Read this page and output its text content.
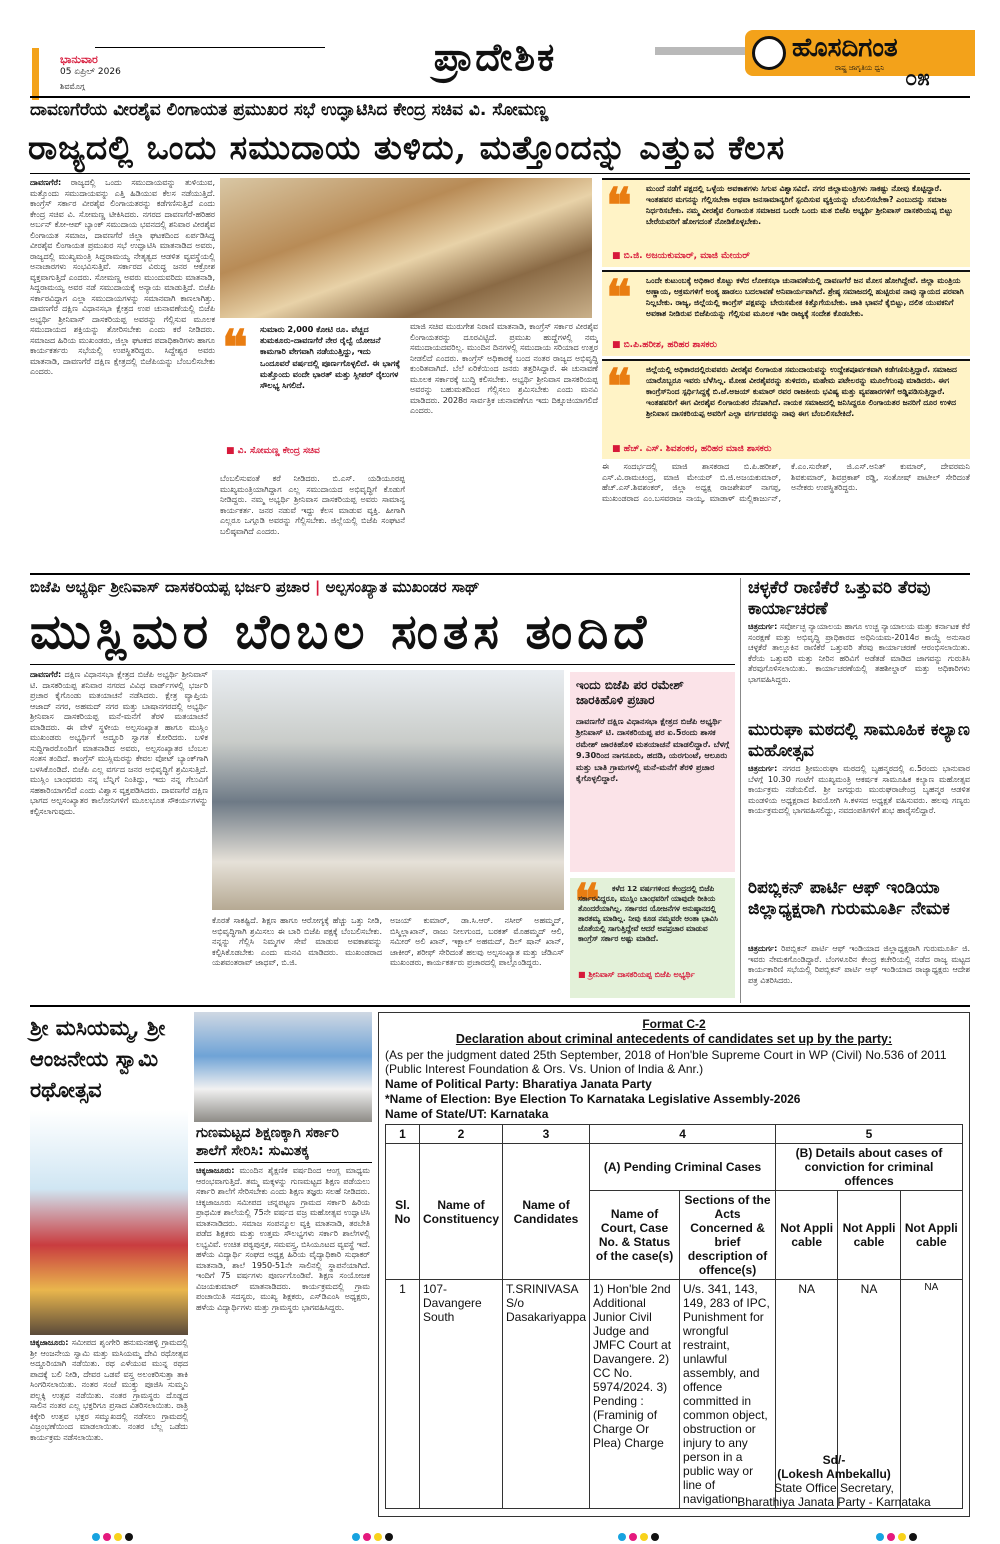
ಭಾನುವಾರ
05 ಏಪ್ರಿಲ್ 2026
ಶಿವಮೊಗ್ಗ
ಪ್ರಾದೇಶಿಕ	ಹೊಸದಿಗಂತ
ರಾಷ್ಟ್ರ ಜಾಗೃತಿಯ ಧ್ವನಿ ೦೫
ದಾವಣಗೆರೆಯ ವೀರಶೈವ ಲಿಂಗಾಯತ ಪ್ರಮುಖರ ಸಭೆ ಉದ್ಘಾಟಿಸಿದ ಕೇಂದ್ರ ಸಚಿವ ವಿ. ಸೋಮಣ್ಣ
ರಾಜ್ಯದಲ್ಲಿ ಒಂದು ಸಮುದಾಯ ತುಳಿದು, ಮತ್ತೊಂದನ್ನು ಎತ್ತುವ ಕೆಲಸ
ದಾವಣಗೆರೆ: ರಾಜ್ಯದಲ್ಲಿ ಒಂದು ಸಮುದಾಯವನ್ನು ತುಳಿಯುವ, ಮತ್ತೊಂದು ಸಮುದಾಯವನ್ನು ಎತ್ತಿ ಹಿಡಿಯುವ ಕೆಲಸ ನಡೆಯುತ್ತಿದೆ. ಕಾಂಗ್ರೆಸ್ ಸರ್ಕಾರ ವೀರಶೈವ ಲಿಂಗಾಯತರನ್ನು ಕಡೆಗಣಿಸುತ್ತಿದೆ ಎಂದು ಕೇಂದ್ರ ಸಚಿವ ವಿ. ಸೋಮಣ್ಣ ಟೀಕಿಸಿದರು. ನಗರದ ದಾವಣಗೆರೆ-ಹರಿಹರ ಅರ್ಬನ್ ಕೋ-ಆಪ್ ಬ್ಯಾಂಕ್ ಸಮುದಾಯ ಭವನದಲ್ಲಿ ಶನಿವಾರ ವೀರಶೈವ ಲಿಂಗಾಯತ ಸಮಾಜ, ದಾವಣಗೆರೆ ಜಿಲ್ಲಾ ಘಟಕದಿಂದ ಏರ್ಪಡಿಸಿದ್ದ ವೀರಶೈವ ಲಿಂಗಾಯತ ಪ್ರಮುಖರ ಸಭೆ ಉದ್ಘಾಟಿಸಿ ಮಾತನಾಡಿದ ಅವರು, ರಾಜ್ಯದಲ್ಲಿ ಮುಖ್ಯಮಂತ್ರಿ ಸಿದ್ದರಾಮಯ್ಯ ನೇತೃತ್ವದ ಆಡಳಿತ ವ್ಯವಸ್ಥೆಯಲ್ಲಿ ಅನಾಚಾರಗಳು ಸಂಭವಿಸುತ್ತಿವೆ. ಸರ್ಕಾರದ ವಿರುದ್ಧ ಜನರ ಆಕ್ರೋಶ ವ್ಯಕ್ತವಾಗುತ್ತಿದೆ ಎಂದರು. ಸೋಮಣ್ಣ ಅವರು ಮುಂದುವರಿದು ಮಾತನಾಡಿ, ಸಿದ್ದರಾಮಯ್ಯ ಅವರ ನಡೆ ಸಮುದಾಯಕ್ಕೆ ಅನ್ಯಾಯ ಮಾಡುತ್ತಿದೆ. ಬಿಜೆಪಿ ಸರ್ಕಾರವಿದ್ದಾಗ ಎಲ್ಲಾ ಸಮುದಾಯಗಳನ್ನು ಸಮಾನವಾಗಿ ಕಾಣಲಾಗಿತ್ತು. ದಾವಣಗೆರೆ ದಕ್ಷಿಣ ವಿಧಾನಸಭಾ ಕ್ಷೇತ್ರದ ಉಪ ಚುನಾವಣೆಯಲ್ಲಿ ಬಿಜೆಪಿ ಅಭ್ಯರ್ಥಿ ಶ್ರೀನಿವಾಸ್ ದಾಸಕರಿಯಪ್ಪ ಅವರನ್ನು ಗೆಲ್ಲಿಸುವ ಮೂಲಕ ಸಮುದಾಯದ ಶಕ್ತಿಯನ್ನು ತೋರಿಸಬೇಕು ಎಂದು ಕರೆ ನೀಡಿದರು. ಸಮಾಜದ ಹಿರಿಯ ಮುಖಂಡರು, ಜಿಲ್ಲಾ ಘಟಕದ ಪದಾಧಿಕಾರಿಗಳು ಹಾಗೂ ಕಾರ್ಯಕರ್ತರು ಸಭೆಯಲ್ಲಿ ಉಪಸ್ಥಿತರಿದ್ದರು. ಸಿದ್ದೇಶ್ವರ ಅವರು ಮಾತನಾಡಿ, ದಾವಣಗೆರೆ ದಕ್ಷಿಣ ಕ್ಷೇತ್ರದಲ್ಲಿ ಬಿಜೆಪಿಯನ್ನು ಬೆಂಬಲಿಸಬೇಕು ಎಂದರು.	❝ ಸುಮಾರು 2,000 ಕೋಟಿ ರೂ. ವೆಚ್ಚದ ತುಮಕೂರು-ದಾವಣಗೆರೆ ನೇರ ರೈಲ್ವೆ ಯೋಜನೆ ಕಾಮಗಾರಿ ವೇಗವಾಗಿ ನಡೆಯುತ್ತಿದ್ದು, ಇದು ಒಂದೂವರೆ ವರ್ಷದಲ್ಲಿ ಪೂರ್ಣಗೊಳ್ಳಲಿದೆ. ಈ ಭಾಗಕ್ಕೆ ಮತ್ತೊಂದು ವಂದೇ ಭಾರತ್ ಮತ್ತು ಸ್ಲೀಪರ್ ರೈಲುಗಳ ಸೌಲಭ್ಯ ಸಿಗಲಿದೆ.
■ ವಿ. ಸೋಮಣ್ಣ ಕೇಂದ್ರ ಸಚಿವ
ಬೆಂಬಲಿಸುವಂತೆ ಕರೆ ನೀಡಿದರು. ಬಿ.ಎಸ್. ಯಡಿಯೂರಪ್ಪ ಮುಖ್ಯಮಂತ್ರಿಯಾಗಿದ್ದಾಗ ಎಲ್ಲ ಸಮುದಾಯದ ಅಭಿವೃದ್ಧಿಗೆ ಕೊಡುಗೆ ನೀಡಿದ್ದರು. ನಮ್ಮ ಅಭ್ಯರ್ಥಿ ಶ್ರೀನಿವಾಸ ದಾಸಕರಿಯಪ್ಪ ಅವರು ಸಾಮಾನ್ಯ ಕಾರ್ಯಕರ್ತ. ಜನರ ನಡುವೆ ಇದ್ದು ಕೆಲಸ ಮಾಡುವ ವ್ಯಕ್ತಿ. ಹೀಗಾಗಿ ಎಲ್ಲರೂ ಒಗ್ಗೂಡಿ ಅವರನ್ನು ಗೆಲ್ಲಿಸಬೇಕು. ಜಿಲ್ಲೆಯಲ್ಲಿ ಬಿಜೆಪಿ ಸಂಘಟನೆ ಬಲಿಷ್ಠವಾಗಿದೆ ಎಂದರು.
ಮಾಜಿ ಸಚಿವ ಮುರುಗೇಶ ನಿರಾಣಿ ಮಾತನಾಡಿ, ಕಾಂಗ್ರೆಸ್ ಸರ್ಕಾರ ವೀರಶೈವ ಲಿಂಗಾಯತರನ್ನು ದೂರವಿಟ್ಟಿದೆ. ಪ್ರಮುಖ ಹುದ್ದೆಗಳಲ್ಲಿ ನಮ್ಮ ಸಮುದಾಯದವರಿಲ್ಲ. ಮುಂದಿನ ದಿನಗಳಲ್ಲಿ ಸಮುದಾಯ ಸರಿಯಾದ ಉತ್ತರ ನೀಡಲಿದೆ ಎಂದರು. ಕಾಂಗ್ರೆಸ್ ಅಧಿಕಾರಕ್ಕೆ ಬಂದ ನಂತರ ರಾಜ್ಯದ ಅಭಿವೃದ್ಧಿ ಕುಂಠಿತವಾಗಿದೆ. ಬೆಲೆ ಏರಿಕೆಯಿಂದ ಜನರು ತತ್ತರಿಸಿದ್ದಾರೆ. ಈ ಚುನಾವಣೆ ಮೂಲಕ ಸರ್ಕಾರಕ್ಕೆ ಬುದ್ಧಿ ಕಲಿಸಬೇಕು. ಅಭ್ಯರ್ಥಿ ಶ್ರೀನಿವಾಸ ದಾಸಕರಿಯಪ್ಪ ಅವರನ್ನು ಬಹುಮತದಿಂದ ಗೆಲ್ಲಿಸಲು ಶ್ರಮಿಸಬೇಕು ಎಂದು ಮನವಿ ಮಾಡಿದರು. 2028ರ ಸಾರ್ವತ್ರಿಕ ಚುನಾವಣೆಗೂ ಇದು ದಿಕ್ಸೂಚಿಯಾಗಲಿದೆ ಎಂದರು.
❝ ಮುಂದೆ ನಡೆಗೆ ಪಕ್ಷದಲ್ಲಿ ಒಳ್ಳೆಯ ಅವಕಾಶಗಳು ಸಿಗುವ ವಿಶ್ವಾಸವಿದೆ. ನಗರ ಜಿಲ್ಲಾಮಂತ್ರಿಗಳು ಸಾಕಷ್ಟು ನೋವು ಕೊಟ್ಟಿದ್ದಾರೆ. ಇಂತಹವರ ಮಗನನ್ನು ಗೆಲ್ಲಿಸಬೇಕಾ ಅಥವಾ ಜನಸಾಮಾನ್ಯರಿಗೆ ಸ್ಪಂದಿಸುವ ವ್ಯಕ್ತಿಯನ್ನು ಬೆಂಬಲಿಸಬೇಕಾ? ಎಂಬುದನ್ನು ಸಮಾಜ ನಿರ್ಧರಿಸಬೇಕು. ನಮ್ಮ ವೀರಶೈವ ಲಿಂಗಾಯತ ಸಮಾಜದ ಒಂದೇ ಒಂದು ಮತ ಬಿಜೆಪಿ ಅಭ್ಯರ್ಥಿ ಶ್ರೀನಿವಾಸ್ ದಾಸಕರಿಯಪ್ಪ ಬಿಟ್ಟು ಬೇರೆಯವರಿಗೆ ಹೋಗದಂತೆ ನೋಡಿಕೊಳ್ಳಬೇಕು.
■ ಬಿ.ಜಿ. ಅಜಯಕುಮಾರ್, ಮಾಜಿ ಮೇಯರ್
❝ ಒಂದೇ ಕುಟುಂಬಕ್ಕೆ ಅಧಿಕಾರ ಕೊಟ್ಟು ಕಳೆದ ಲೋಕಸಭಾ ಚುನಾವಣೆಯಲ್ಲಿ ದಾವಣಗೆರೆ ಜನ ಮೋಸ ಹೋಗಿದ್ದೇವೆ. ಜಿಲ್ಲಾ ಮಂತ್ರಿಯ ಅಣ್ಣಾಯ, ಅಕ್ರಮಗಳಿಗೆ ಅಂತ್ಯ ಹಾಡಲು ಬದಲಾವಣೆ ಅನಿವಾರ್ಯವಾಗಿದೆ. ಶ್ರೇಷ್ಠ ಸಮಾಜದಲ್ಲಿ ಹುಟ್ಟಿರುವ ನಾವು ನ್ಯಾಯದ ಪರವಾಗಿ ನಿಲ್ಲಬೇಕು. ರಾಜ್ಯ, ಜಿಲ್ಲೆಯಲ್ಲಿ ಕಾಂಗ್ರೆಸ್ ಪಕ್ಷವನ್ನು ಬೇರುಸಮೇತ ಕಿತ್ತೊಗೆಯಬೇಕು. ಜಾತಿ ಭಾವನೆ ಕೈಬಿಟ್ಟು, ದಲಿತ ಯುವಕನಿಗೆ ಅವಕಾಶ ನೀಡಿರುವ ಬಿಜೆಪಿಯನ್ನು ಗೆಲ್ಲಿಸುವ ಮೂಲಕ ಇಡೀ ರಾಜ್ಯಕ್ಕೆ ಸಂದೇಶ ಕೊಡಬೇಕು.
■ ಬಿ.ಪಿ.ಹರೀಶ, ಹರಿಹರ ಶಾಸಕರು
❝ ಜಿಲ್ಲೆಯಲ್ಲಿ ಅಧಿಕಾರದಲ್ಲಿರುವವರು ವೀರಶೈವ ಲಿಂಗಾಯತ ಸಮುದಾಯವನ್ನು ಉದ್ದೇಶಪೂರ್ವಕವಾಗಿ ಕಡೆಗಣಿಸುತ್ತಿದ್ದಾರೆ. ಸಮಾಜದ ಯಾರೊಬ್ಬರೂ ಇವರು ಬೆಳೆಸಿಲ್ಲ. ಮೋಹ ವೀರಶೈವರನ್ನು ತುಳಿದರು, ಮಹೇಮ ಪಟೇಲರನ್ನು ಮೂಲೆಗುಂಪು ಮಾಡಿದರು. ಈಗ ಕಾಂಗ್ರೆಸ್‌ನಿಂದ ಸ್ಪರ್ಧಿಸಿದ್ದಕ್ಕೆ ಬಿ.ಜೆ.ಅಜಯ್ ಕುಮಾರ್ ರವರ ರಾಜಕೀಯ ಭವಿಷ್ಯ ಮತ್ತು ವ್ಯವಹಾರಗಳಿಗೆ ಅಡ್ಡಿಪಡಿಸುತ್ತಿದ್ದಾರೆ. ಇಂತಹವರಿಗೆ ಈಗ ವೀರಶೈವ ಲಿಂಗಾಯತರ ನೆನಪಾಗಿದೆ. ನಾಯಕ ಸಮಾಜದಲ್ಲಿ ಜನಿಸಿದ್ದರೂ ಲಿಂಗಾಯತರ ಜನರಿಗೆ ದೂರ ಉಳಿದ ಶ್ರೀನಿವಾಸ ದಾಸಕರಿಯಪ್ಪ ಅವರಿಗೆ ಎಲ್ಲಾ ವರ್ಗದವರನ್ನು ನಾವು ಈಗ ಬೆಂಬಲಿಸಬೇಕಿದೆ.
■ ಹೆಚ್. ಎಸ್. ಶಿವಶಂಕರ, ಹರಿಹರ ಮಾಜಿ ಶಾಸಕರು
ಈ ಸಂದರ್ಭದಲ್ಲಿ ಮಾಜಿ ಶಾಸಕರಾದ ಬಿ.ಪಿ.ಹರೀಶ್, ಎಸ್.ವಿ.ರಾಮಚಂದ್ರ, ಮಾಜಿ ಮೇಯರ್ ಬಿ.ಜಿ.ಅಜಯಕುಮಾರ್, ಹೆಚ್.ಎಸ್.ಶಿವಶಂಕರ್, ಜಿಲ್ಲಾ ಅಧ್ಯಕ್ಷ ರಾಜಶೇಖರ್ ನಾಗಪ್ಪ, ಮುಖಂಡರಾದ ಎಂ.ಬಸವರಾಜ ನಾಯ್ಕ, ಮಾಡಾಳ್ ಮಲ್ಲಿಕಾರ್ಜುನ್, ಕೆ.ಎಂ.ಸುರೇಶ್, ಜಿ.ಎಸ್.ಅನಿತ್ ಕುಮಾರ್, ದೇವರಮನಿ ಶಿವಕುಮಾರ್, ಶಿವಪ್ರಕಾಶ್ ರಡ್ಡಿ, ಸಂತೋಷ್ ಪಾಟೀಲ್ ಸೇರಿದಂತೆ ಅನೇಕರು ಉಪಸ್ಥಿತರಿದ್ದರು.
ಬಿಜೆಪಿ ಅಭ್ಯರ್ಥಿ ಶ್ರೀನಿವಾಸ್ ದಾಸಕರಿಯಪ್ಪ ಭರ್ಜರಿ ಪ್ರಚಾರ | ಅಲ್ಪಸಂಖ್ಯಾತ ಮುಖಂಡರ ಸಾಥ್
ಮುಸ್ಲಿಮರ ಬೆಂಬಲ ಸಂತಸ ತಂದಿದೆ
ದಾವಣಗೆರೆ: ದಕ್ಷಿಣ ವಿಧಾನಸಭಾ ಕ್ಷೇತ್ರದ ಬಿಜೆಪಿ ಅಭ್ಯರ್ಥಿ ಶ್ರೀನಿವಾಸ್ ಟಿ. ದಾಸಕರಿಯಪ್ಪ ಶನಿವಾರ ನಗರದ ವಿವಿಧ ವಾರ್ಡ್‌ಗಳಲ್ಲಿ ಭರ್ಜರಿ ಪ್ರಚಾರ ಕೈಗೊಂಡು ಮತಯಾಚನೆ ನಡೆಸಿದರು. ಕ್ಷೇತ್ರ ವ್ಯಾಪ್ತಿಯ ಆಜಾದ್ ನಗರ, ಅಹಮದ್ ನಗರ ಮತ್ತು ಬಾಷಾನಗರದಲ್ಲಿ ಅಭ್ಯರ್ಥಿ ಶ್ರೀನಿವಾಸ ದಾಸಕರಿಯಪ್ಪ ಮನೆ-ಮನೆಗೆ ತೆರಳಿ ಮತಯಾಚನೆ ಮಾಡಿದರು. ಈ ವೇಳೆ ಸ್ಥಳೀಯ ಅಲ್ಪಸಂಖ್ಯಾತ ಹಾಗೂ ಮುಸ್ಲಿಂ ಮುಖಂಡರು ಅಭ್ಯರ್ಥಿಗೆ ಅದ್ಧೂರಿ ಸ್ವಾಗತ ಕೋರಿದರು. ಬಳಿಕ ಸುದ್ದಿಗಾರರೊಂದಿಗೆ ಮಾತನಾಡಿದ ಅವರು, ಅಲ್ಪಸಂಖ್ಯಾತರ ಬೆಂಬಲ ಸಂತಸ ತಂದಿದೆ. ಕಾಂಗ್ರೆಸ್ ಮುಸ್ಲಿಮರನ್ನು ಕೇವಲ ವೋಟ್ ಬ್ಯಾಂಕ್‌ಗಾಗಿ ಬಳಸಿಕೊಂಡಿದೆ. ಬಿಜೆಪಿ ಎಲ್ಲ ವರ್ಗದ ಜನರ ಅಭಿವೃದ್ಧಿಗೆ ಶ್ರಮಿಸುತ್ತಿದೆ. ಮುಸ್ಲಿಂ ಬಾಂಧವರು ನನ್ನ ಬೆನ್ನಿಗೆ ನಿಂತಿದ್ದು, ಇದು ನನ್ನ ಗೆಲುವಿಗೆ ಸಹಕಾರಿಯಾಗಲಿದೆ ಎಂದು ವಿಶ್ವಾಸ ವ್ಯಕ್ತಪಡಿಸಿದರು. ದಾವಣಗೆರೆ ದಕ್ಷಿಣ ಭಾಗದ ಅಲ್ಪಸಂಖ್ಯಾತರ ಕಾಲೋನಿಗಳಿಗೆ ಮೂಲಭೂತ ಸೌಕರ್ಯಗಳನ್ನು ಕಲ್ಪಿಸಲಾಗುವುದು.
ಕೊರತೆ ಸಾಕಷ್ಟಿದೆ. ಶಿಕ್ಷಣ ಹಾಗೂ ಆರೋಗ್ಯಕ್ಕೆ ಹೆಚ್ಚು ಒತ್ತು ನೀಡಿ, ಅಭಿವೃದ್ಧಿಗಾಗಿ ಶ್ರಮಿಸಲು ಈ ಬಾರಿ ಬಿಜೆಪಿ ಪಕ್ಷಕ್ಕೆ ಬೆಂಬಲಿಸಬೇಕು. ನನ್ನನ್ನು ಗೆಲ್ಲಿಸಿ ನಿಮ್ಮಗಳ ಸೇವೆ ಮಾಡುವ ಅವಕಾಶವನ್ನು ಕಲ್ಪಿಸಿಕೊಡಬೇಕು ಎಂದು ಮನವಿ ಮಾಡಿದರು. ಮುಖಂಡರಾದ ಯಶವಂತರಾವ್ ಜಾಧವ್, ಬಿ.ಜಿ.
ಅಜಯ್ ಕುಮಾರ್, ಡಾ.ಸಿ.ಆರ್. ನಸೀರ್ ಅಹಮ್ಮದ್, ಬಿಸ್ಮಿಲ್ಲಾಖಾನ್, ರಾಜು ನೀಲಗುಂದ, ಬರಕತ್ ಮೊಹಮ್ಮದ್ ಆಲಿ, ಸಮೀರ್ ಅಲಿ ಖಾನ್, ಇಕ್ಬಾಲ್ ಅಹಮದ್, ದಿಲ್ ಷಾನ್ ಖಾನ್, ಜಾಕೀರ್, ಶರೀಫ್ ಸೇರಿದಂತೆ ಹಲವು ಅಲ್ಪಸಂಖ್ಯಾತ ಮತ್ತು ಜೆಡಿಎಸ್ ಮುಖಂಡರು, ಕಾರ್ಯಕರ್ತರು ಪ್ರಚಾರದಲ್ಲಿ ಪಾಲ್ಗೊಂಡಿದ್ದರು.
ಇಂದು ಬಿಜೆಪಿ ಪರ ರಮೇಶ್ ಜಾರಕಿಹೊಳಿ ಪ್ರಚಾರ
ದಾವಣಗೆರೆ ದಕ್ಷಿಣ ವಿಧಾನಸಭಾ ಕ್ಷೇತ್ರದ ಬಿಜೆಪಿ ಅಭ್ಯರ್ಥಿ ಶ್ರೀನಿವಾಸ್ ಟಿ. ದಾಸಕರಿಯಪ್ಪ ಪರ ಏ.5ರಂದು ಶಾಸಕ ರಮೇಶ್ ಜಾರಕಿಹೊಳಿ ಮತಯಾಚನೆ ಮಾಡಲಿದ್ದಾರೆ. ಬೆಳಗ್ಗೆ 9.30ರಿಂದ ನಾಗನೂರು, ಹದಡಿ, ಯರಗುಂಟೆ, ಆಲೂರು ಮತ್ತು ಬಾತಿ ಗ್ರಾಮಗಳಲ್ಲಿ ಮನೆ-ಮನೆಗೆ ತೆರಳಿ ಪ್ರಚಾರ ಕೈಗೊಳ್ಳಲಿದ್ದಾರೆ.
❝	ಕಳೆದ 12 ವರ್ಷಗಳಿಂದ ಕೇಂದ್ರದಲ್ಲಿ ಬಿಜೆಪಿ ಸರ್ಕಾರವಿದ್ದರೂ, ಮುಸ್ಲಿಂ ಬಾಂಧವರಿಗೆ ಯಾವುದೇ ರೀತಿಯ ತೊಂದರೆಯಾಗಿಲ್ಲ. ಸರ್ಕಾರದ ಯೋಜನೆಗಳ ಅನುಷ್ಠಾನದಲ್ಲಿ ತಾರತಮ್ಯ ಮಾಡಿಲ್ಲ. ನೀವು ಕೂಡ ನಮ್ಮವರೇ ಅಂತಾ ಭಾವಿಸಿ ಜೊತೆಯಲ್ಲಿ ಸಾಗುತ್ತಿದ್ದೇವೆ ಆದರೆ ಅಪಪ್ರಚಾರ ಮಾಡುವ ಕಾಂಗ್ರೆಸ್ ಸರ್ಕಾರ ಅಷ್ಟು ಮಾಡಿದೆ.
■ ಶ್ರೀನಿವಾಸ್ ದಾಸಕರಿಯಪ್ಪ ಬಿಜೆಪಿ ಅಭ್ಯರ್ಥಿ
ಚಳ್ಳಕೆರೆ ರಾಣಿಕೆರೆ ಒತ್ತುವರಿ ತೆರವು ಕಾರ್ಯಾಚರಣೆ
ಚಿತ್ರದುರ್ಗ: ಸರ್ವೋಚ್ಛ ನ್ಯಾಯಾಲಯ ಹಾಗೂ ಉಚ್ಚ ನ್ಯಾಯಾಲಯ ಮತ್ತು ಕರ್ನಾಟಕ ಕೆರೆ ಸಂರಕ್ಷಣೆ ಮತ್ತು ಅಭಿವೃದ್ಧಿ ಪ್ರಾಧಿಕಾರದ ಅಧಿನಿಯಮ-2014ರ ಕಾಯ್ದೆ ಅನುಸಾರ ಚಳ್ಳಕೆರೆ ತಾಲ್ಲೂಕಿನ ರಾಣಿಕೆರೆ ಒತ್ತುವರಿ ತೆರವು ಕಾರ್ಯಾಚರಣೆ ಆರಂಭಿಸಲಾಯಿತು. ಕೆರೆಯ ಒತ್ತುವರಿ ಮತ್ತು ನೀರಿನ ಹರಿವಿಗೆ ಅಡೆತಡೆ ಮಾಡಿದ ಜಾಗವನ್ನು ಗುರುತಿಸಿ ತೆರವುಗೊಳಿಸಲಾಯಿತು. ಕಾರ್ಯಾಚರಣೆಯಲ್ಲಿ ತಹಶೀಲ್ದಾರ್ ಮತ್ತು ಅಧಿಕಾರಿಗಳು ಭಾಗವಹಿಸಿದ್ದರು.
ಮುರುಘಾ ಮಠದಲ್ಲಿ ಸಾಮೂಹಿಕ ಕಲ್ಯಾಣ ಮಹೋತ್ಸವ
ಚಿತ್ರದುರ್ಗ: ನಗರದ ಶ್ರೀಮುರುಘಾ ಮಠದಲ್ಲಿ ಬೃಹನ್ಮಠದಲ್ಲಿ ಏ.5ರಂದು ಭಾನುವಾರ ಬೆಳಗ್ಗೆ 10.30 ಗಂಟೆಗೆ ಮುಖ್ಯಮಂತ್ರಿ ಆಕರ್ಷಕ ಸಾಮೂಹಿಕ ಕಲ್ಯಾಣ ಮಹೋತ್ಸವ ಕಾರ್ಯಕ್ರಮ ನಡೆಯಲಿದೆ. ಶ್ರೀ ಜಗದ್ಗುರು ಮುರುಘರಾಜೇಂದ್ರ ಬೃಹನ್ಮಠ ಆಡಳಿತ ಮಂಡಳಿಯ ಅಧ್ಯಕ್ಷರಾದ ಶಿವಯೋಗಿ ಸಿ.ಕಳಸದ ಅಧ್ಯಕ್ಷತೆ ವಹಿಸುವರು. ಹಲವು ಗಣ್ಯರು ಕಾರ್ಯಕ್ರಮದಲ್ಲಿ ಭಾಗವಹಿಸಲಿದ್ದು, ನವದಂಪತಿಗಳಿಗೆ ಶುಭ ಹಾರೈಸಲಿದ್ದಾರೆ.
ರಿಪಬ್ಲಿಕನ್ ಪಾರ್ಟಿ ಆಫ್ ಇಂಡಿಯಾ ಜಿಲ್ಲಾಧ್ಯಕ್ಷರಾಗಿ ಗುರುಮೂರ್ತಿ ನೇಮಕ
ಚಿತ್ರದುರ್ಗ: ರಿಪಬ್ಲಿಕನ್ ಪಾರ್ಟಿ ಆಫ್ ಇಂಡಿಯಾದ ಜಿಲ್ಲಾಧ್ಯಕ್ಷರಾಗಿ ಗುರುಮೂರ್ತಿ ಜಿ. ಇವರು ನೇಮಕಗೊಂಡಿದ್ದಾರೆ. ಬೆಂಗಳೂರಿನ ಕೇಂದ್ರ ಕಚೇರಿಯಲ್ಲಿ ನಡೆದ ರಾಜ್ಯ ಮಟ್ಟದ ಕಾರ್ಯಕಾರಿಣಿ ಸಭೆಯಲ್ಲಿ ರಿಪಬ್ಲಿಕನ್ ಪಾರ್ಟಿ ಆಫ್ ಇಂಡಿಯಾದ ರಾಜ್ಯಾಧ್ಯಕ್ಷರು ಆದೇಶ ಪತ್ರ ವಿತರಿಸಿದರು.
ಶ್ರೀ ಮಸಿಯಮ್ಮ, ಶ್ರೀ ಆಂಜನೇಯ ಸ್ವಾಮಿ ರಥೋತ್ಸವ
ಚಿಕ್ಕಜಾಜೂರು: ಸಮೀಪದ ಶೃಂಗೇರಿ ಹನುಮನಹಳ್ಳಿ ಗ್ರಾಮದಲ್ಲಿ ಶ್ರೀ ಆಂಜನೇಯ ಸ್ವಾಮಿ ಮತ್ತು ಮಸಿಯಮ್ಮ ದೇವಿ ರಥೋತ್ಸವ ಅದ್ದೂರಿಯಾಗಿ ನಡೆಯಿತು. ರಥ ಎಳೆಯುವ ಮುನ್ನ ರಥದ ಪಾದಕ್ಕೆ ಬಲಿ ನೀಡಿ, ದೇವರ ಒಡವೆ ವಸ್ತ್ರ ಅಲಂಕರಿಸುತ್ತಾ ತಾಕಿ ಸಿಂಗರಿಸಲಾಯಿತು. ನಂತರ ಸಂಜೆ ಮುಕ್ತ್ತು ಪೂಜಿಸಿ ಸುಮ್ಮನಿ ಪಲ್ಲಕ್ಕಿ ಉತ್ಸವ ನಡೆಯಿತು. ನಂತರ ಗ್ರಾಮಸ್ಥರು ದೊಡ್ಡದ ಸಾಲಿನ ನಂತರ ಎಲ್ಲ ಭಕ್ತರಿಗೂ ಪ್ರಸಾದ ವಿತರಿಸಲಾಯಿತು. ರಾತ್ರಿ ಕಿಕ್ಕೇರಿ ಉತ್ತವ ಭಕ್ತರ ಸಮ್ಮುಖದಲ್ಲಿ ನಡೆಸಲು ಗ್ರಾಮದಲ್ಲಿ ವಿಜ್ರಂಭಣೆಯಿಂದ ಮಾಡಲಾಯಿತು. ನಂತರ ಬೆಲ್ಲ ಒಡೆದು ಕಾರ್ಯಕ್ರಮ ನಡೆಸಲಾಯಿತು.
ಗುಣಮಟ್ಟದ ಶಿಕ್ಷಣಕ್ಕಾಗಿ ಸರ್ಕಾರಿ ಶಾಲೆಗೆ ಸೇರಿಸಿ: ಸುಮಿತಕ್ಕ
ಚಿಕ್ಕಜಾಜೂರು: ಮುಂದಿನ ಶೈಕ್ಷಣಿಕ ವರ್ಷದಿಂದ ಆಂಗ್ಲ ಮಾಧ್ಯಮ ಆರಂಭವಾಗುತ್ತಿದೆ. ತಮ್ಮ ಮಕ್ಕಳನ್ನು ಗುಣಮಟ್ಟದ ಶಿಕ್ಷಣ ಪಡೆಯಲು ಸರ್ಕಾರಿ ಶಾಲೆಗೆ ಸೇರಿಸಬೇಕು ಎಂದು ಶಿಕ್ಷಣ ತಜ್ಞರು ಸಲಹೆ ನೀಡಿದರು. ಚಿಕ್ಕಜಾಜೂರು ಸಮೀಪದ ಚನ್ನಪಟ್ಟಣ ಗ್ರಾಮದ ಸರ್ಕಾರಿ ಹಿರಿಯ ಪ್ರಾಥಮಿಕ ಶಾಲೆಯಲ್ಲಿ 75ನೇ ವರ್ಷದ ವಜ್ರ ಮಹೋತ್ಸವ ಉದ್ಘಾಟಿಸಿ ಮಾತನಾಡಿದರು. ಸಮಾಜ ಸಂಪನ್ಮೂಲ ವ್ಯಕ್ತಿ ಮಾತನಾಡಿ, ತರಬೇತಿ ಪಡೆದ ಶಿಕ್ಷಕರು ಮತ್ತು ಉತ್ತಮ ಸೌಲಭ್ಯಗಳು ಸರ್ಕಾರಿ ಶಾಲೆಗಳಲ್ಲಿ ಲಭ್ಯವಿವೆ. ಉಚಿತ ಪಠ್ಯಪುಸ್ತಕ, ಸಮವಸ್ತ್ರ, ಬಿಸಿಯೂಟದ ವ್ಯವಸ್ಥೆ ಇದೆ. ಹಳೆಯ ವಿದ್ಯಾರ್ಥಿ ಸಂಘದ ಅಧ್ಯಕ್ಷ ಹಿರಿಯ ವೈದ್ಯಾಧಿಕಾರಿ ಸುಧಾಕರ್ ಮಾತನಾಡಿ, ಶಾಲೆ 1950-51ನೇ ಸಾಲಿನಲ್ಲಿ ಸ್ಥಾಪನೆಯಾಗಿದೆ. ಇಂದಿಗೆ 75 ವರ್ಷಗಳು ಪೂರ್ಣಗೊಂಡಿವೆ. ಶಿಕ್ಷಣ ಸಂಯೋಜಕ ವಿಜಯಕುಮಾರ್ ಮಾತನಾಡಿದರು. ಕಾರ್ಯಕ್ರಮದಲ್ಲಿ ಗ್ರಾಮ ಪಂಚಾಯಿತಿ ಸದಸ್ಯರು, ಮುಖ್ಯ ಶಿಕ್ಷಕರು, ಎಸ್‌ಡಿಎಂಸಿ ಅಧ್ಯಕ್ಷರು, ಹಳೆಯ ವಿದ್ಯಾರ್ಥಿಗಳು ಮತ್ತು ಗ್ರಾಮಸ್ಥರು ಭಾಗವಹಿಸಿದ್ದರು.
Format C-2
Declaration about criminal antecedents of candidates set up by the party:
(As per the judgment dated 25th September, 2018 of Hon'ble Supreme Court in WP (Civil) No.536 of 2011 (Public Interest Foundation & Ors. Vs. Union of India & Anr.)
Name of Political Party: Bharatiya Janata Party
*Name of Election: Bye Election To Karnataka Legislative Assembly-2026
Name of State/UT: Karnataka
1	2	3	4		5		
Sl. No	Name of Constituency	Name of Candidates	(A) Pending Criminal Cases		(B) Details about cases of conviction for criminal offences		
			Name of Court, Case No. & Status of the case(s)	Sections of the Acts Concerned & brief description of offence(s)	Not Appli cable	Not Appli cable	Not Appli cable
1	107-Davangere South	T.SRINIVASA S/o Dasakariyappa	1) Hon'ble 2nd Additional Junior Civil Judge and JMFC Court at Davangere. 2) CC No. 5974/2024. 3) Pending : (Framinig of Charge Or Plea) Charge	U/s. 341, 143, 149, 283 of IPC, Punishment for wrongful restraint, unlawful assembly, and offence committed in common object, obstruction or injury to any person in a public way or line of navigation.	NA	NA	NA
Sd/-
(Lokesh Ambekallu)
State Office Secretary,
Bharathiya Janata Party - Karnataka
